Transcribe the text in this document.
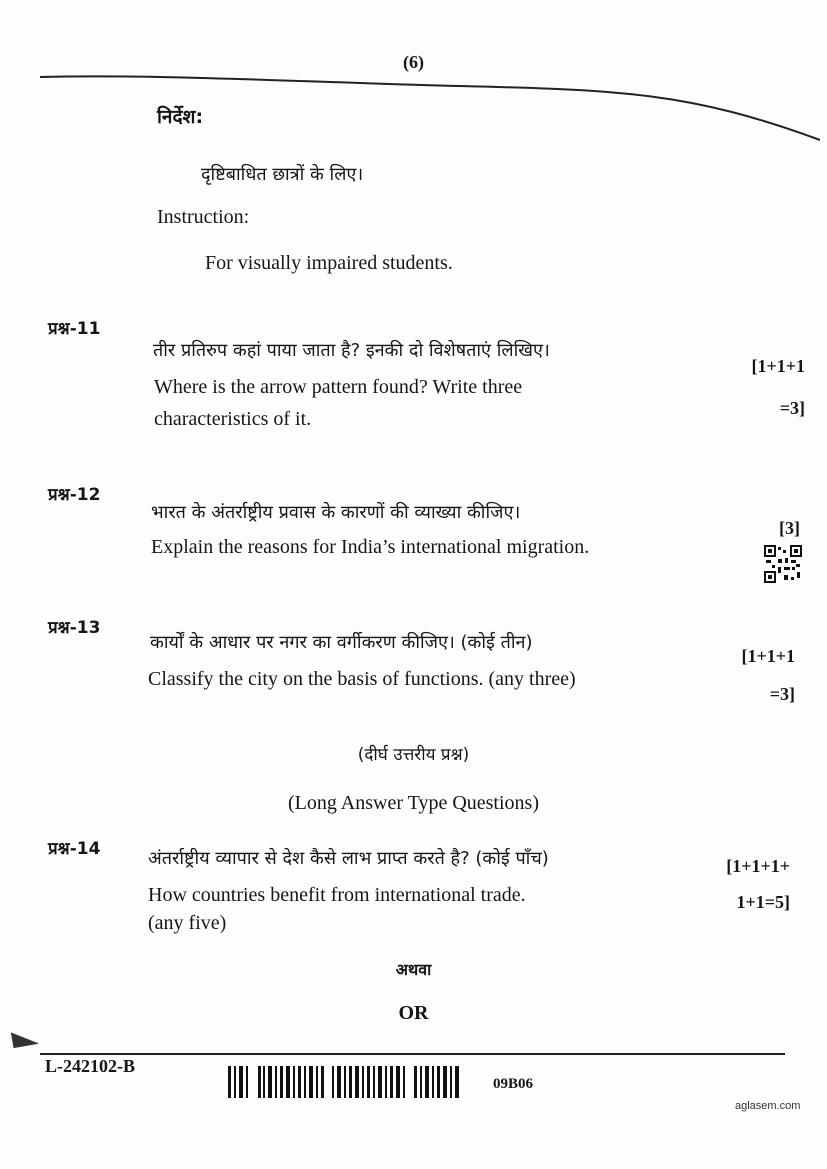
(6)
निर्देश:
दृष्टिबाधित छात्रों के लिए।
Instruction:
For visually impaired students.
प्रश्न-11
तीर प्रतिरुप कहां पाया जाता है? इनकी दो विशेषताएं लिखिए।
[1+1+1
Where is the arrow pattern found? Write three
characteristics of it.	=3]
प्रश्न-12
भारत के अंतर्राष्ट्रीय प्रवास के कारणों की व्याख्या कीजिए।
[3]
Explain the reasons for India’s international migration.
प्रश्न-13
कार्यों के आधार पर नगर का वर्गीकरण कीजिए। (कोई तीन)
[1+1+1
Classify the city on the basis of functions. (any three)
=3]
(दीर्घ उत्तरीय प्रश्न)
(Long Answer Type Questions)
प्रश्न-14	अंतर्राष्ट्रीय व्यापार से देश कैसे लाभ प्राप्त करते है? (कोई पाँच)	[1+1+1+
How countries benefit from international trade.	1+1=5]
(any five)
अथवा
OR
L-242102-B
09B06
aglasem.com
